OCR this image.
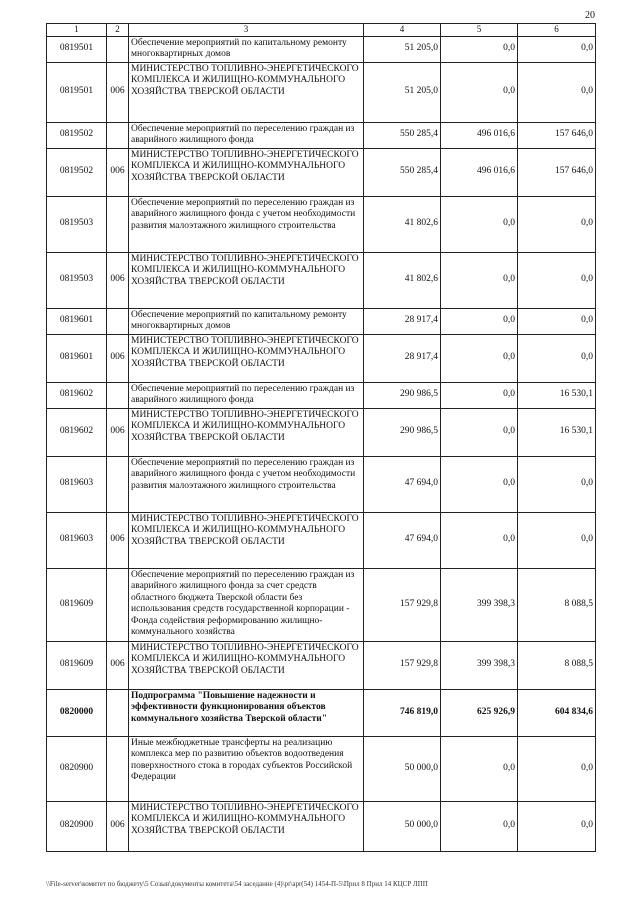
20
1	2	3	4	5	6
0819501		Обеспечение мероприятий по капитальному ремонту многоквартирных домов	51 205,0	0,0	0,0
0819501	006	МИНИСТЕРСТВО ТОПЛИВНО-ЭНЕРГЕТИЧЕСКОГО КОМПЛЕКСА И ЖИЛИЩНО-КОММУНАЛЬНОГО ХОЗЯЙСТВА ТВЕРСКОЙ ОБЛАСТИ	51 205,0	0,0	0,0
0819502		Обеспечение мероприятий по переселению граждан из аварийного жилищного фонда	550 285,4	496 016,6	157 646,0
0819502	006	МИНИСТЕРСТВО ТОПЛИВНО-ЭНЕРГЕТИЧЕСКОГО КОМПЛЕКСА И ЖИЛИЩНО-КОММУНАЛЬНОГО ХОЗЯЙСТВА ТВЕРСКОЙ ОБЛАСТИ	550 285,4	496 016,6	157 646,0
0819503		Обеспечение мероприятий по переселению граждан из аварийного жилищного фонда с учетом необходимости развития малоэтажного жилищного строительства	41 802,6	0,0	0,0
0819503	006	МИНИСТЕРСТВО ТОПЛИВНО-ЭНЕРГЕТИЧЕСКОГО КОМПЛЕКСА И ЖИЛИЩНО-КОММУНАЛЬНОГО ХОЗЯЙСТВА ТВЕРСКОЙ ОБЛАСТИ	41 802,6	0,0	0,0
0819601		Обеспечение мероприятий по капитальному ремонту многоквартирных домов	28 917,4	0,0	0,0
0819601	006	МИНИСТЕРСТВО ТОПЛИВНО-ЭНЕРГЕТИЧЕСКОГО КОМПЛЕКСА И ЖИЛИЩНО-КОММУНАЛЬНОГО ХОЗЯЙСТВА ТВЕРСКОЙ ОБЛАСТИ	28 917,4	0,0	0,0
0819602		Обеспечение мероприятий по переселению граждан из аварийного жилищного фонда	290 986,5	0,0	16 530,1
0819602	006	МИНИСТЕРСТВО ТОПЛИВНО-ЭНЕРГЕТИЧЕСКОГО КОМПЛЕКСА И ЖИЛИЩНО-КОММУНАЛЬНОГО ХОЗЯЙСТВА ТВЕРСКОЙ ОБЛАСТИ	290 986,5	0,0	16 530,1
0819603		Обеспечение мероприятий по переселению граждан из аварийного жилищного фонда с учетом необходимости развития малоэтажного жилищного строительства	47 694,0	0,0	0,0
0819603	006	МИНИСТЕРСТВО ТОПЛИВНО-ЭНЕРГЕТИЧЕСКОГО КОМПЛЕКСА И ЖИЛИЩНО-КОММУНАЛЬНОГО ХОЗЯЙСТВА ТВЕРСКОЙ ОБЛАСТИ	47 694,0	0,0	0,0
0819609		Обеспечение мероприятий по переселению граждан из аварийного жилищного фонда за счет средств областного бюджета Тверской области без использования средств государственной корпорации - Фонда содействия реформированию жилищно-коммунального хозяйства	157 929,8	399 398,3	8 088,5
0819609	006	МИНИСТЕРСТВО ТОПЛИВНО-ЭНЕРГЕТИЧЕСКОГО КОМПЛЕКСА И ЖИЛИЩНО-КОММУНАЛЬНОГО ХОЗЯЙСТВА ТВЕРСКОЙ ОБЛАСТИ	157 929,8	399 398,3	8 088,5
0820000		Подпрограмма "Повышение надежности и эффективности функционирования объектов коммунального хозяйства Тверской области"	746 819,0	625 926,9	604 834,6
0820900		Иные межбюджетные трансферты на реализацию комплекса мер по развитию объектов водоотведения поверхностного стока в городах субъектов Российской Федерации	50 000,0	0,0	0,0
0820900	006	МИНИСТЕРСТВО ТОПЛИВНО-ЭНЕРГЕТИЧЕСКОГО КОМПЛЕКСА И ЖИЛИЩНО-КОММУНАЛЬНОГО ХОЗЯЙСТВА ТВЕРСКОЙ ОБЛАСТИ	50 000,0	0,0	0,0
\\File-server\комитет по бюджету\5 Созыв\документы комитета\54 заседание (4)\pr\apr(54) 1454-П-5\Прил 8 Прил 14 КЦСР ЛПП
